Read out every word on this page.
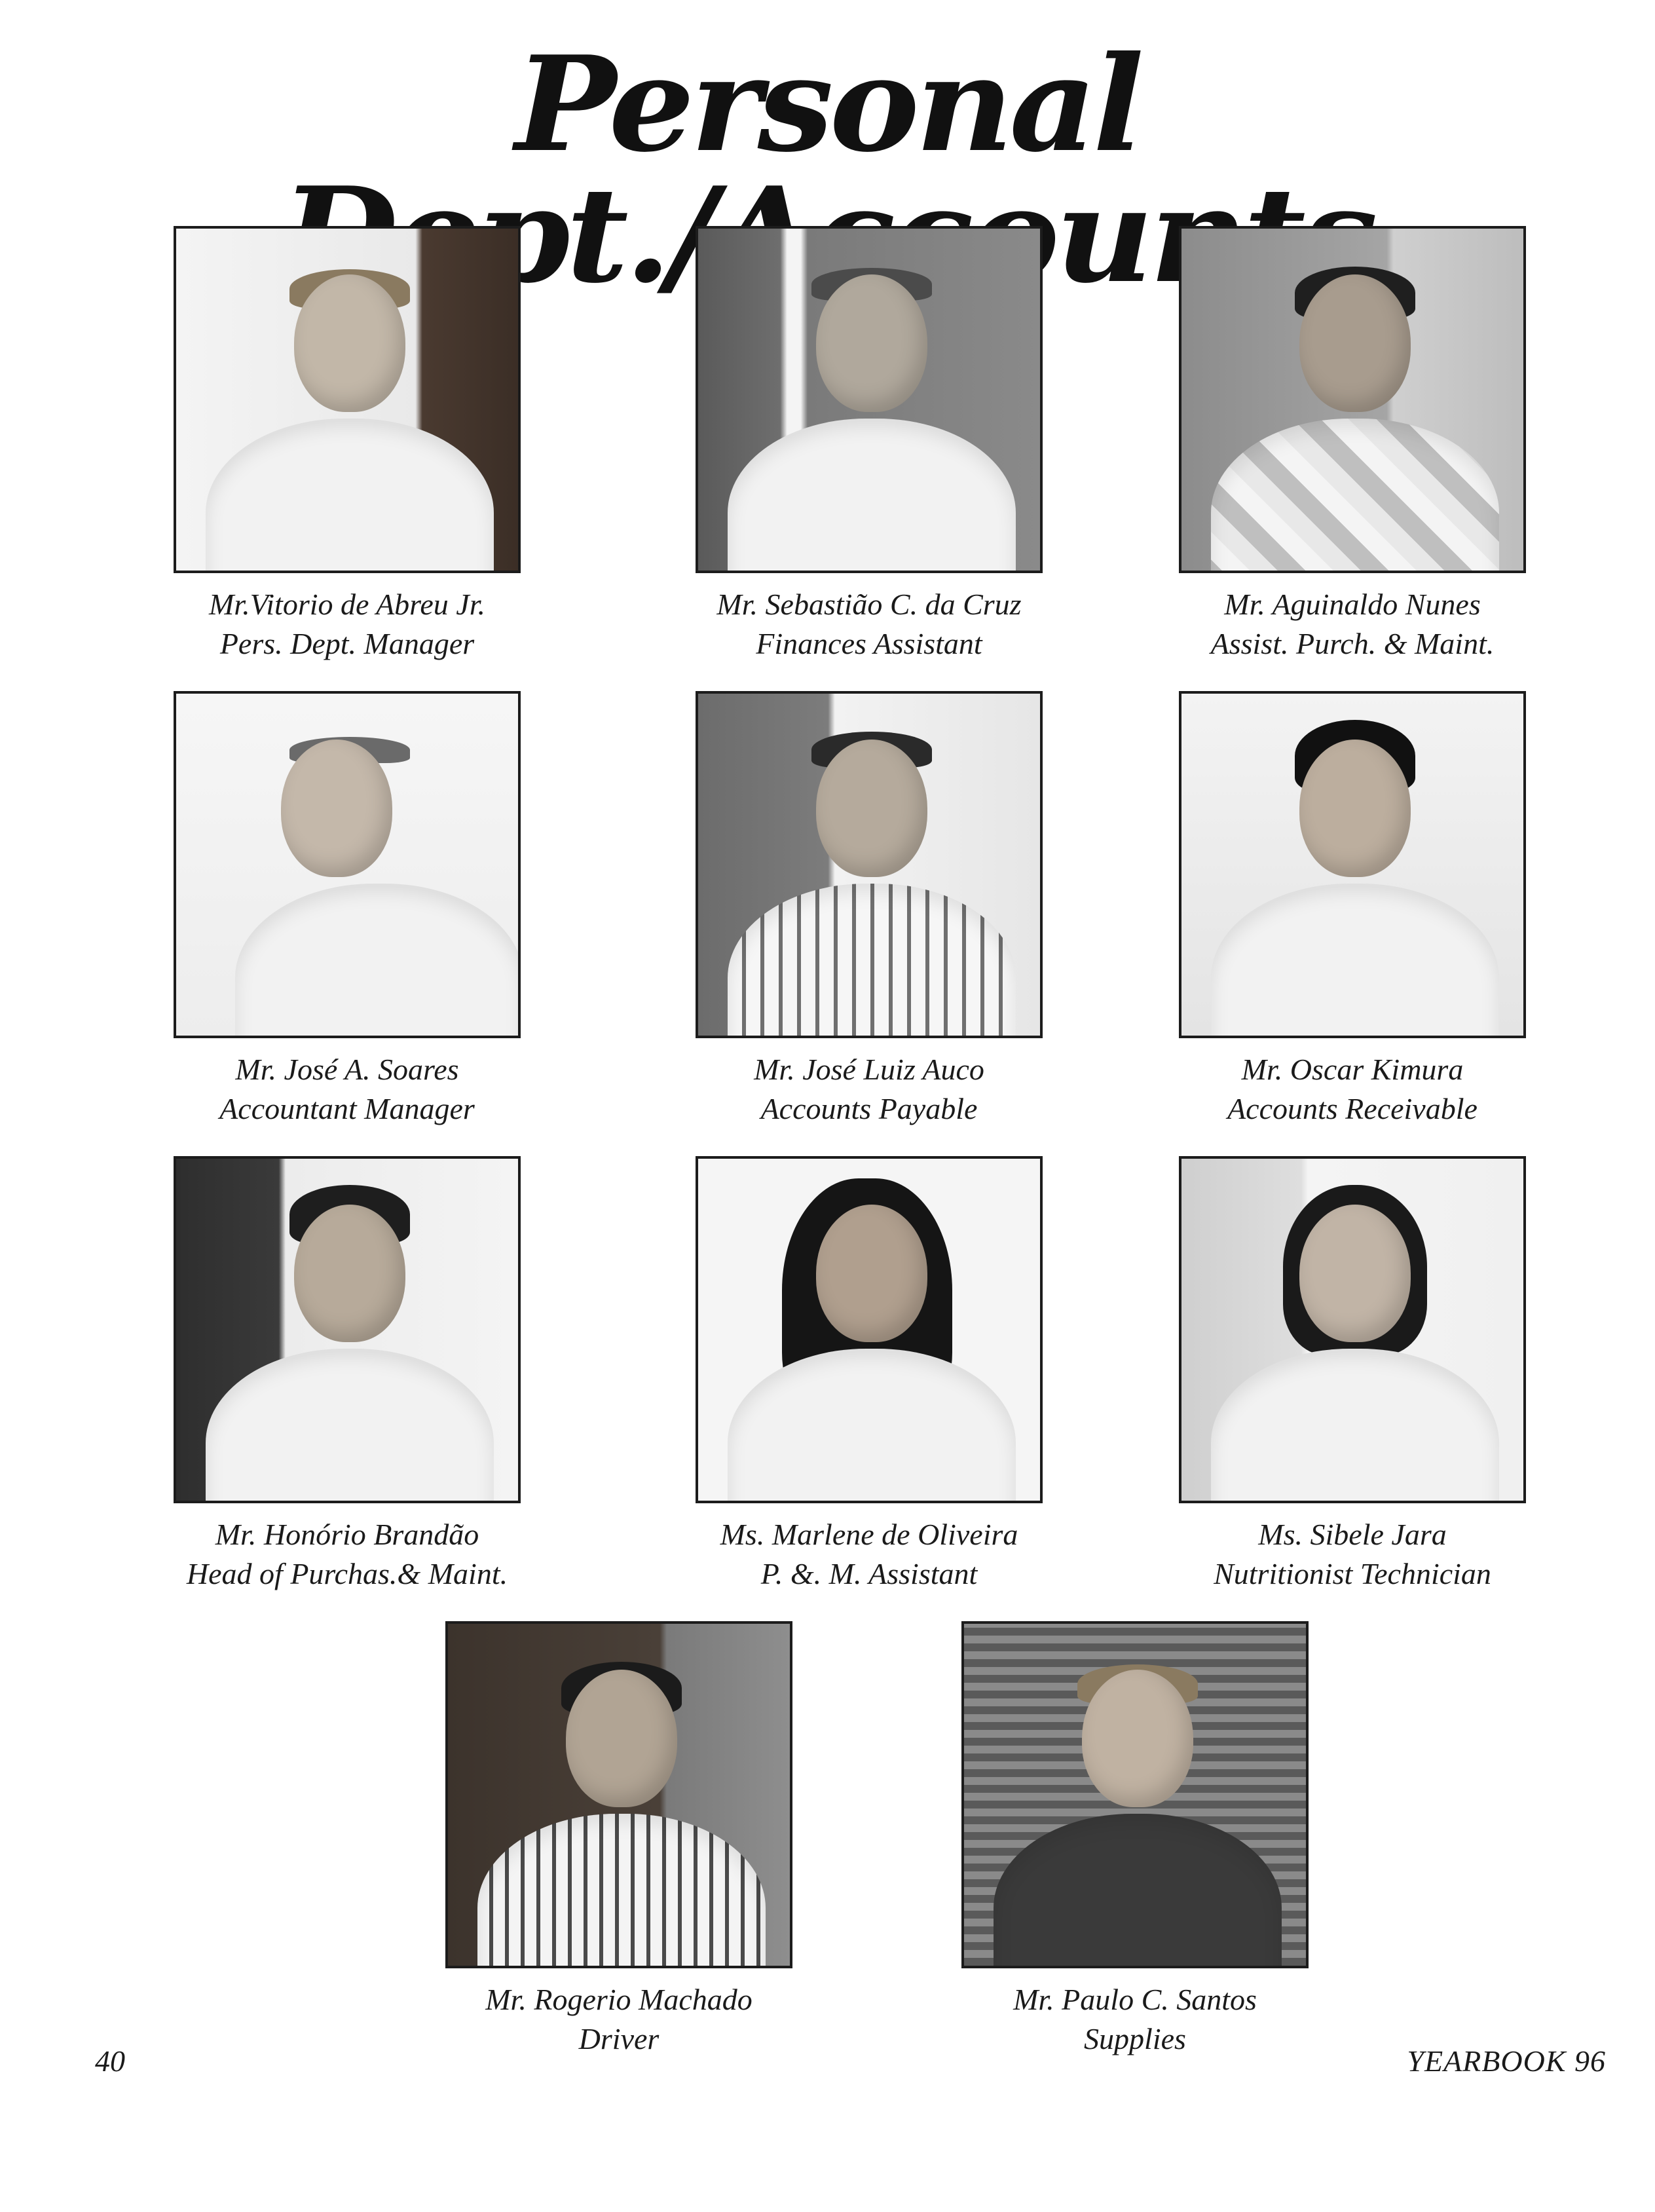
Personal
Mr.Vitorio de Abreu Jr.
Pers. Dept. Manager
Mr. Sebastião C. da Cruz
Finances Assistant
Mr. Aguinaldo Nunes
Assist. Purch. & Maint.
Mr. José A. Soares
Accountant Manager
Mr. José Luiz Auco
Accounts Payable
Mr. Oscar Kimura
Accounts Receivable
Mr. Honório Brandão
Head of Purchas.& Maint.
Ms. Marlene de Oliveira
P. &. M. Assistant
Ms. Sibele Jara
Nutritionist Technician
Mr. Rogerio Machado
Driver
Mr. Paulo C. Santos
Supplies
40	YEARBOOK 96
